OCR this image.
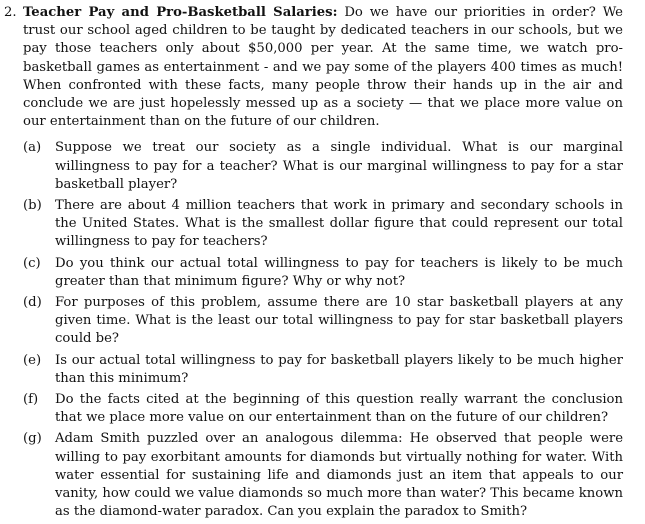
2. Teacher Pay and Pro-Basketball Salaries: Do we have our priorities in order? We trust our school aged children to be taught by dedicated teachers in our schools, but we pay those teachers only about $50,000 per year. At the same time, we watch pro-basketball games as entertainment - and we pay some of the players 400 times as much! When confronted with these facts, many people throw their hands up in the air and conclude we are just hopelessly messed up as a society — that we place more value on our entertainment than on the future of our children.
(a)	Suppose we treat our society as a single individual. What is our marginal willingness to pay for a teacher? What is our marginal willingness to pay for a star basketball player?
(b)	There are about 4 million teachers that work in primary and secondary schools in the United States. What is the smallest dollar figure that could represent our total willingness to pay for teachers?
(c)	Do you think our actual total willingness to pay for teachers is likely to be much greater than that minimum figure? Why or why not?
(d)	For purposes of this problem, assume there are 10 star basketball players at any given time. What is the least our total willingness to pay for star basketball players could be?
(e)	Is our actual total willingness to pay for basketball players likely to be much higher than this minimum?
(f)	Do the facts cited at the beginning of this question really warrant the conclusion that we place more value on our entertainment than on the future of our children?
(g)	Adam Smith puzzled over an analogous dilemma: He observed that people were willing to pay exorbitant amounts for diamonds but virtually nothing for water. With water essential for sustaining life and diamonds just an item that appeals to our vanity, how could we value diamonds so much more than water? This became known as the diamond-water paradox. Can you explain the paradox to Smith?
